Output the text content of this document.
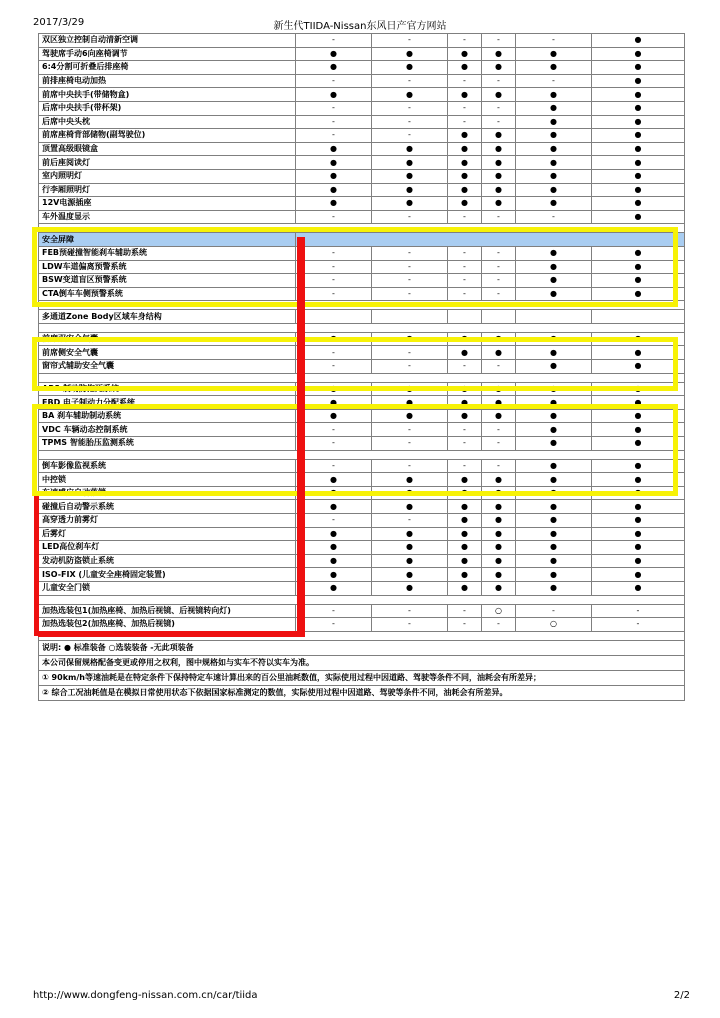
2017/3/29	新生代TIIDA-Nissan东风日产官方网站
双区独立控制自动清新空调	-	-	-	-	-	●
驾驶席手动6向座椅调节	●	●	●	●	●	●
6:4分割可折叠后排座椅	●	●	●	●	●	●
前排座椅电动加热	-	-	-	-	-	●
前席中央扶手(带储物盒)	●	●	●	●	●	●
后席中央扶手(带杯架)	-	-	-	-	●	●
后席中央头枕	-	-	-	-	●	●
前席座椅背部储物(副驾驶位)	-	-	●	●	●	●
顶置高级眼镜盒	●	●	●	●	●	●
前后座阅读灯	●	●	●	●	●	●
室内照明灯	●	●	●	●	●	●
行李厢照明灯	●	●	●	●	●	●
12V电源插座	●	●	●	●	●	●
车外温度显示	-	-	-	-	-	●

安全屏障						
FEB预碰撞智能刹车辅助系统	-	-	-	-	●	●
LDW车道偏离预警系统	-	-	-	-	●	●
BSW变道盲区预警系统	-	-	-	-	●	●
CTA倒车车侧预警系统	-	-	-	-	●	●

多通道Zone Body区域车身结构						

前席双安全气囊	●	●	●	●	●	●
前席侧安全气囊	-	-	●	●	●	●
窗帘式辅助安全气囊	-	-	-	-	●	●

ABS 制动防抱死系统	●	●	●	●	●	●
EBD 电子制动力分配系统	●	●	●	●	●	●
BA 刹车辅助制动系统	●	●	●	●	●	●
VDC 车辆动态控制系统	-	-	-	-	●	●
TPMS 智能胎压监测系统	-	-	-	-	●	●

倒车影像监视系统	-	-	-	-	●	●
中控锁	●	●	●	●	●	●
车速感应自动落锁	●	●	●	●	●	●
碰撞后自动警示系统	●	●	●	●	●	●
高穿透力前雾灯	-	-	●	●	●	●
后雾灯	●	●	●	●	●	●
LED高位刹车灯	●	●	●	●	●	●
发动机防盗锁止系统	●	●	●	●	●	●
ISO-FIX (儿童安全座椅固定装置)	●	●	●	●	●	●
儿童安全门锁	●	●	●	●	●	●

加热选装包1(加热座椅、加热后视镜、后视镜转向灯)	-	-	-	○	-	-
加热选装包2(加热座椅、加热后视镜)	-	-	-	-	○	-

说明: ● 标准装备 ○选装装备 -无此项装备						
本公司保留规格配备变更或停用之权利，图中规格如与实车不符以实车为准。						
① 90km/h等速油耗是在特定条件下保持特定车速计算出来的百公里油耗数值，实际使用过程中因道路、驾驶等条件不同，油耗会有所差异；						
② 综合工况油耗值是在模拟日常使用状态下依据国家标准测定的数值，实际使用过程中因道路、驾驶等条件不同，油耗会有所差异。						
http://www.dongfeng-nissan.com.cn/car/tiida	2/2
